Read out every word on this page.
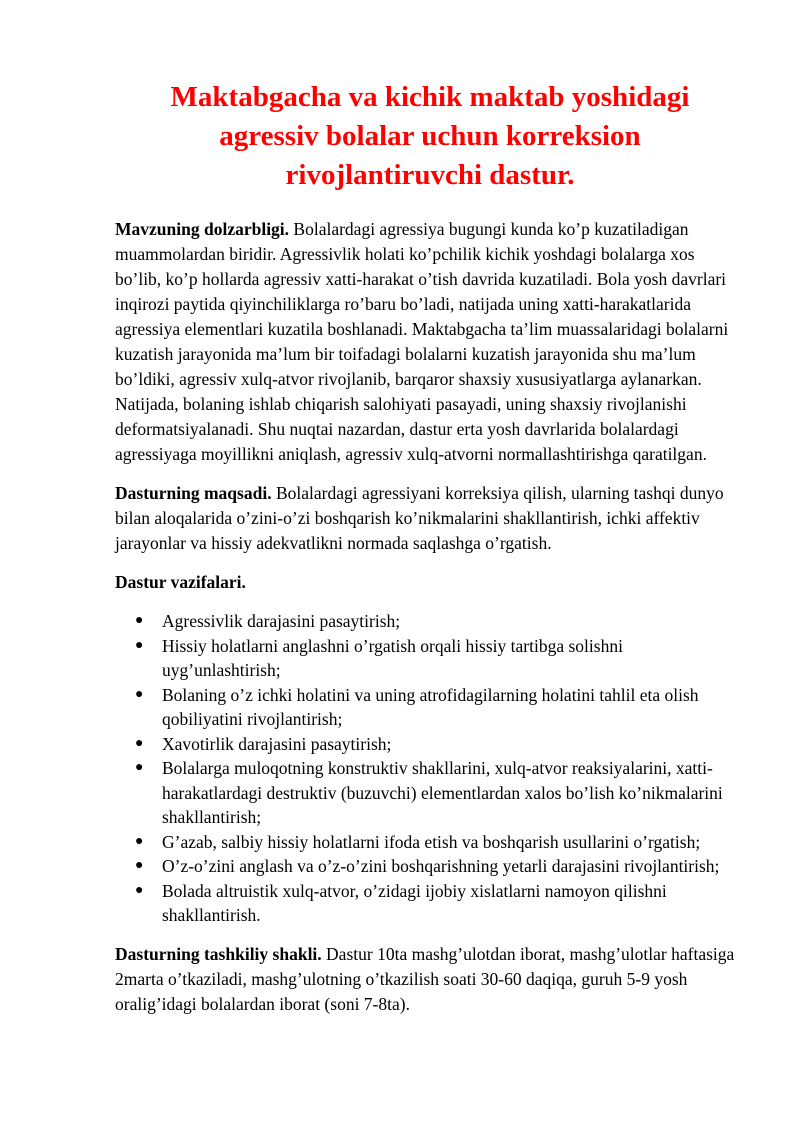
Maktabgacha va kichik maktab yoshidagi
agressiv bolalar uchun korreksion
rivojlantiruvchi dastur.

Mavzuning dolzarbligi. Bolalardagi agressiya bugungi kunda ko’p kuzatiladigan muammolardan biridir. Agressivlik holati ko’pchilik kichik yoshdagi bolalarga xos bo’lib, ko’p hollarda agressiv xatti-harakat o’tish davrida kuzatiladi. Bola yosh davrlari inqirozi paytida qiyinchiliklarga ro’baru bo’ladi, natijada uning xatti-harakatlarida agressiya elementlari kuzatila boshlanadi. Maktabgacha ta’lim muassalaridagi bolalarni kuzatish jarayonida ma’lum bir toifadagi bolalarni kuzatish jarayonida shu ma’lum bo’ldiki, agressiv xulq-atvor rivojlanib, barqaror shaxsiy xususiyatlarga aylanarkan. Natijada, bolaning ishlab chiqarish salohiyati pasayadi, uning shaxsiy rivojlanishi deformatsiyalanadi. Shu nuqtai nazardan, dastur erta yosh davrlarida bolalardagi agressiyaga moyillikni aniqlash, agressiv xulq-atvorni normallashtirishga qaratilgan.

Dasturning maqsadi. Bolalardagi agressiyani korreksiya qilish, ularning tashqi dunyo bilan aloqalarida o’zini-o’zi boshqarish ko’nikmalarini shakllantirish, ichki affektiv jarayonlar va hissiy adekvatlikni normada saqlashga o’rgatish.

Dastur vazifalari.
● Agressivlik darajasini pasaytirish;
● Hissiy holatlarni anglashni o’rgatish orqali hissiy tartibga solishni uyg’unlashtirish;
● Bolaning o’z ichki holatini va uning atrofidagilarning holatini tahlil eta olish qobiliyatini rivojlantirish;
● Xavotirlik darajasini pasaytirish;
● Bolalarga muloqotning konstruktiv shakllarini, xulq-atvor reaksiyalarini, xatti-harakatlardagi destruktiv (buzuvchi) elementlardan xalos bo’lish ko’nikmalarini shakllantirish;
● G’azab, salbiy hissiy holatlarni ifoda etish va boshqarish usullarini o’rgatish;
● O’z-o’zini anglash va o’z-o’zini boshqarishning yetarli darajasini rivojlantirish;
● Bolada altruistik xulq-atvor, o’zidagi ijobiy xislatlarni namoyon qilishni shakllantirish.

Dasturning tashkiliy shakli. Dastur 10ta mashg’ulotdan iborat, mashg’ulotlar haftasiga 2marta o’tkaziladi, mashg’ulotning o’tkazilish soati 30-60 daqiqa, guruh 5-9 yosh oralig’idagi bolalardan iborat (soni 7-8ta).
